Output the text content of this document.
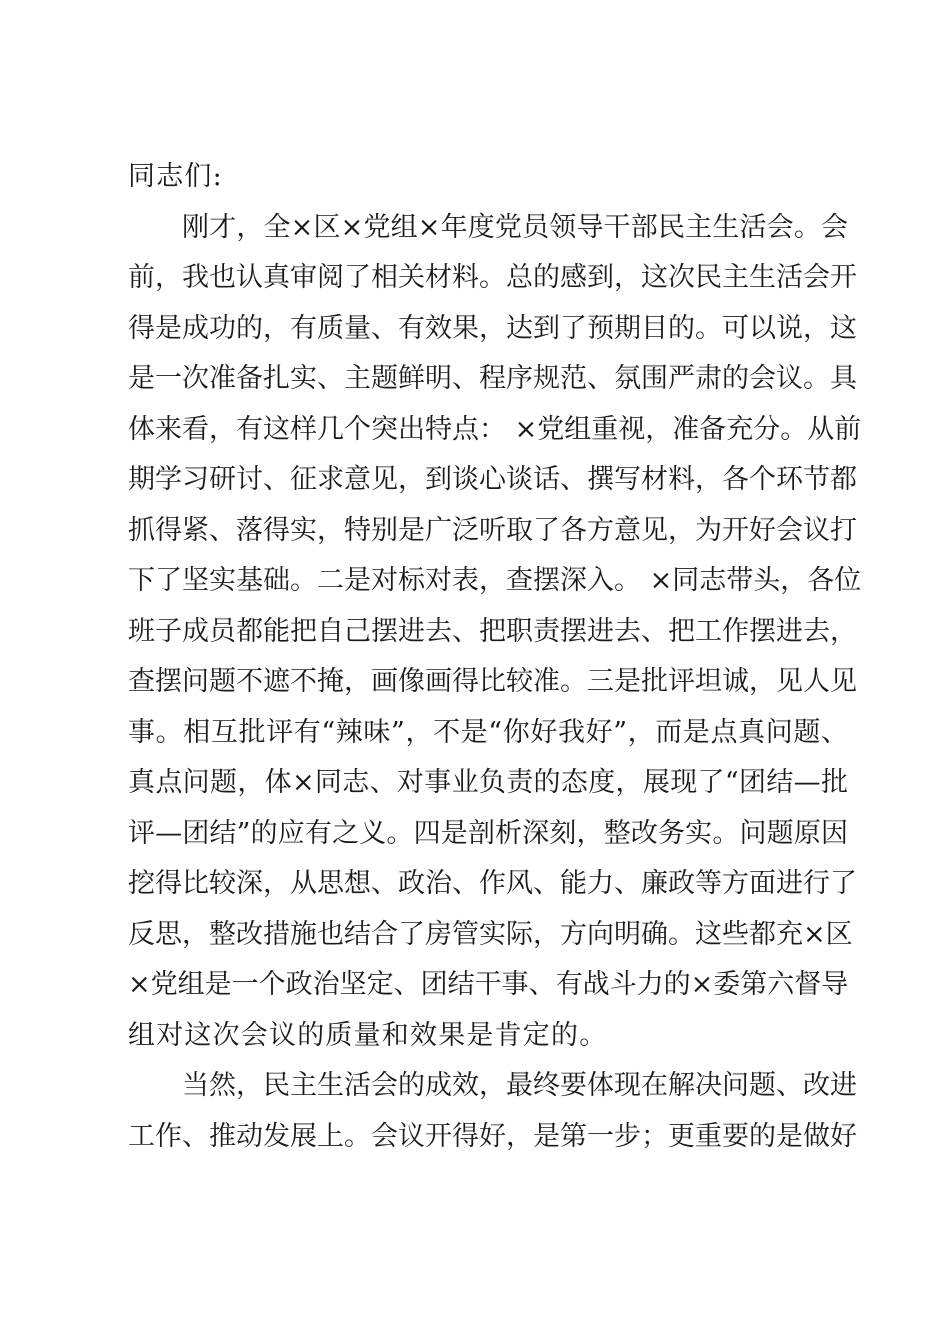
同志们:
刚才，全×区×党组×年度党员领导干部民主生活会。会
前，我也认真审阅了相关材料。总的感到，这次民主生活会开
得是成功的，有质量、有效果，达到了预期目的。可以说，这
是一次准备扎实、主题鲜明、程序规范、氛围严肃的会议。具
体来看，有这样几个突出特点： ×党组重视，准备充分。从前
期学习研讨、征求意见，到谈心谈话、撰写材料，各个环节都
抓得紧、落得实，特别是广泛听取了各方意见，为开好会议打
下了坚实基础。二是对标对表，查摆深入。 ×同志带头，各位
班子成员都能把自己摆进去、把职责摆进去、把工作摆进去，
查摆问题不遮不掩，画像画得比较准。三是批评坦诚，见人见
事。相互批评有“辣味”，不是“你好我好”，而是点真问题、
真点问题，体×同志、对事业负责的态度，展现了“团结—批
评—团结”的应有之义。四是剖析深刻，整改务实。问题原因
挖得比较深，从思想、政治、作风、能力、廉政等方面进行了
反思，整改措施也结合了房管实际，方向明确。这些都充×区
×党组是一个政治坚定、团结干事、有战斗力的×委第六督导
组对这次会议的质量和效果是肯定的。
当然，民主生活会的成效，最终要体现在解决问题、改进
工作、推动发展上。会议开得好，是第一步；更重要的是做好
